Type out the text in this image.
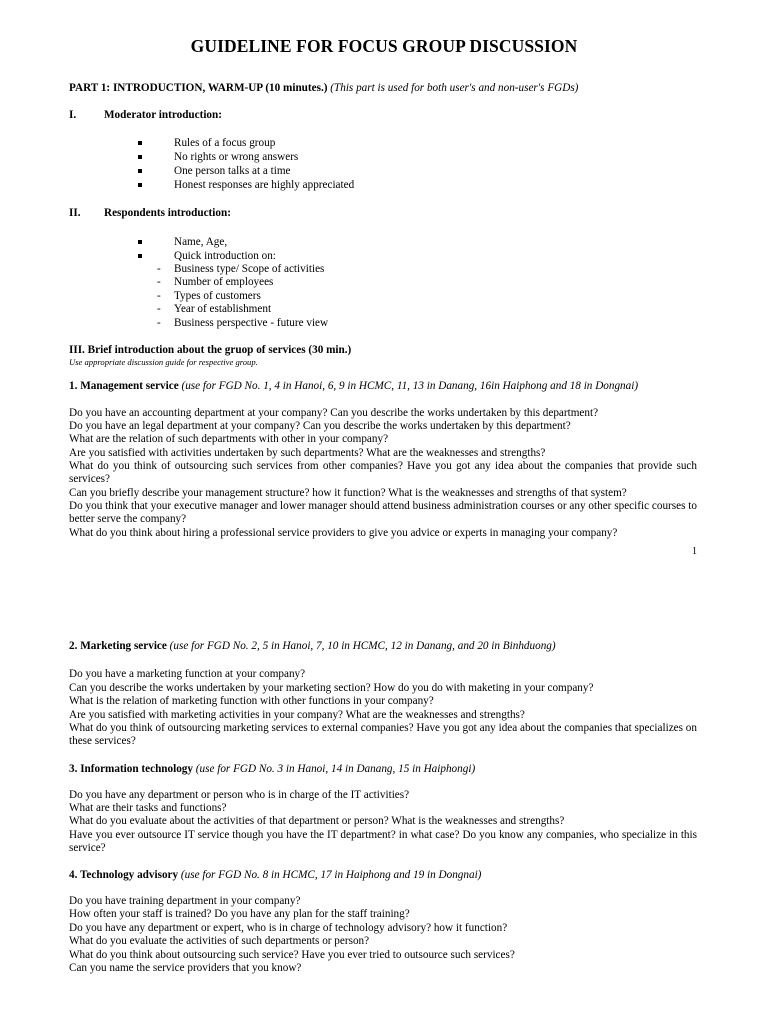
GUIDELINE FOR FOCUS GROUP DISCUSSION
PART 1: INTRODUCTION, WARM-UP (10 minutes.) (This part is used for both user's and non-user's FGDs)
I. Moderator introduction:
Rules of a focus group
No rights or wrong answers
One person talks at a time
Honest responses are highly appreciated
II. Respondents introduction:
Name, Age,
Quick introduction on:
- Business type/ Scope of activities
- Number of employees
- Types of customers
- Year of establishment
- Business perspective - future view
III. Brief introduction about the gruop of services (30 min.)
Use appropriate discussion guide for respective group.
1. Management service (use for FGD No. 1, 4 in Hanoi, 6, 9 in HCMC, 11, 13 in Danang, 16in Haiphong and 18 in Dongnai)
Do you have an accounting department at your company? Can you describe the works undertaken by this department?
Do you have an legal department at your company? Can you describe the works undertaken by this department?
What are the relation of such departments with other in your company?
Are you satisfied with activities undertaken by such departments? What are the weaknesses and strengths?
What do you think of outsourcing such services from other companies? Have you got any idea about the companies that provide such services?
Can you briefly describe your management structure? how it function? What is the weaknesses and strengths of that system?
Do you think that your executive manager and lower manager should attend business administration courses or any other specific courses to better serve the company?
What do you think about hiring a professional service providers to give you advice or experts in managing your company?
1
2. Marketing service (use for FGD No. 2, 5 in Hanoi, 7, 10 in HCMC, 12 in Danang, and 20 in Binhduong)
Do you have a marketing function at your company?
Can you describe the works undertaken by your marketing section? How do you do with maketing in your company?
What is the relation of marketing function with other functions in your company?
Are you satisfied with marketing activities in your company? What are the weaknesses and strengths?
What do you think of outsourcing marketing services to external companies? Have you got any idea about the companies that specializes on these services?
3. Information technology (use for FGD No. 3 in Hanoi, 14 in Danang, 15 in Haiphongi)
Do you have any department or person who is in charge of the IT activities?
What are their tasks and functions?
What do you evaluate about the activities of that department or person? What is the weaknesses and strengths?
Have you ever outsource IT service though you have the IT department? in what case? Do you know any companies, who specialize in this service?
4. Technology advisory (use for FGD No. 8 in HCMC, 17 in Haiphong and 19 in Dongnai)
Do you have training department in your company?
How often your staff is trained? Do you have any plan for the staff training?
Do you have any department or expert, who is in charge of technology advisory? how it function?
What do you evaluate the activities of such departments or person?
What do you think about outsourcing such service? Have you ever tried to outsource such services?
Can you name the service providers that you know?
